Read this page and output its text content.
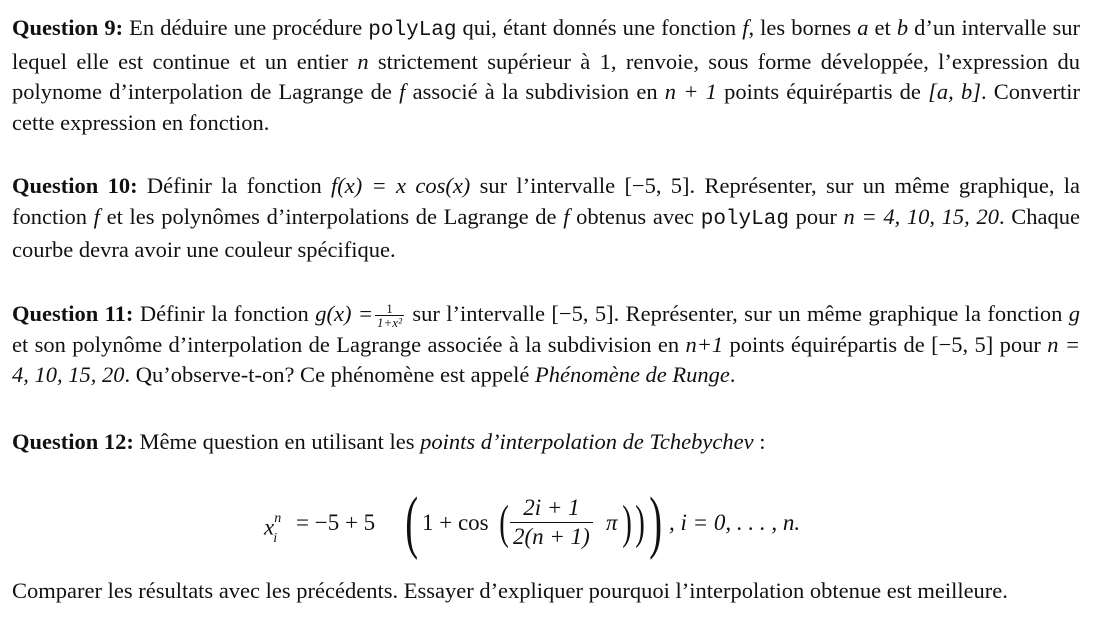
Question 9: En déduire une procédure polyLag qui, étant donnés une fonction f, les bornes a et b d’un intervalle sur lequel elle est continue et un entier n strictement supérieur à 1, renvoie, sous forme développée, l’expression du polynome d’interpolation de Lagrange de f associé à la subdivision en n + 1 points équirépartis de [a, b]. Convertir cette expression en fonction.

Question 10: Définir la fonction f(x) = x cos(x) sur l’intervalle [−5, 5]. Représenter, sur un même graphique, la fonction f et les polynômes d’interpolations de Lagrange de f obtenus avec polyLag pour n = 4, 10, 15, 20. Chaque courbe devra avoir une couleur spécifique.

Question 11: Définir la fonction $g(x) = \frac{1}{\text{1+x²}}$ sur l’intervalle [−5, 5]. Représenter, sur un même graphique la fonction g et son polynôme d’interpolation de Lagrange associée à la subdivision en n+1 points équirépartis de [−5, 5] pour n = 4, 10, 15, 20. Qu’observe-t-on? Ce phénomène est appelé Phénomène de Runge.

Question 12: Même question en utilisant les points d’interpolation de Tchebychev :

$x^n_i$
= −5 + 5 ( 1 + cos ( $\frac{2i + 1}{2(n + 1)}$ π ) ) ) , i = 0, . . . , n.

Comparer les résultats avec les précédents. Essayer d’expliquer pourquoi l’interpolation obtenue est meilleure.
